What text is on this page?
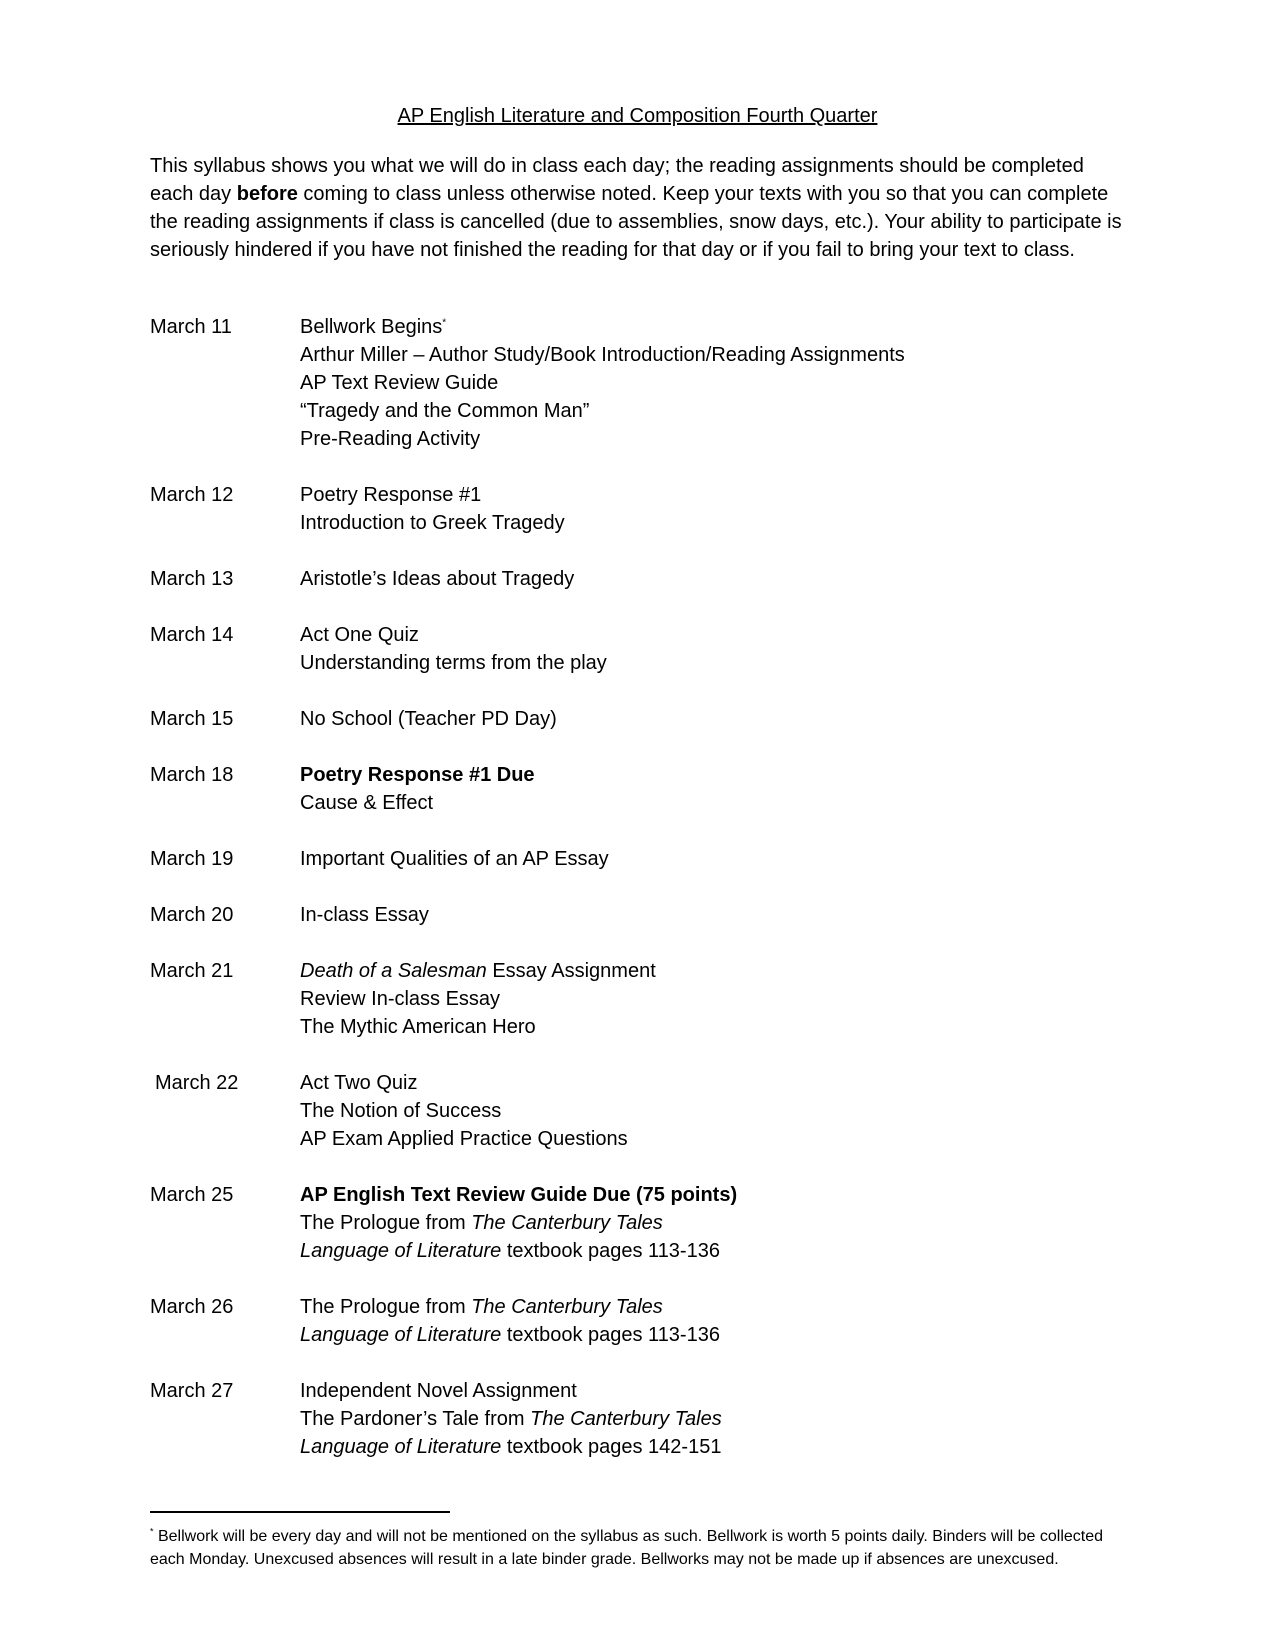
AP English Literature and Composition Fourth Quarter
This syllabus shows you what we will do in class each day; the reading assignments should be completed each day before coming to class unless otherwise noted. Keep your texts with you so that you can complete the reading assignments if class is cancelled (due to assemblies, snow days, etc.). Your ability to participate is seriously hindered if you have not finished the reading for that day or if you fail to bring your text to class.
March 11	Bellwork Begins*
Arthur Miller – Author Study/Book Introduction/Reading Assignments
AP Text Review Guide
“Tragedy and the Common Man”
Pre-Reading Activity
March 12	Poetry Response #1
Introduction to Greek Tragedy
March 13	Aristotle’s Ideas about Tragedy
March 14	Act One Quiz
Understanding terms from the play
March 15	No School (Teacher PD Day)
March 18	Poetry Response #1 Due
Cause & Effect
March 19	Important Qualities of an AP Essay
March 20	In-class Essay
March 21	Death of a Salesman Essay Assignment
Review In-class Essay
The Mythic American Hero
March 22	Act Two Quiz
The Notion of Success
AP Exam Applied Practice Questions
March 25	AP English Text Review Guide Due (75 points)
The Prologue from The Canterbury Tales
Language of Literature textbook pages 113-136
March 26	The Prologue from The Canterbury Tales
Language of Literature textbook pages 113-136
March 27	Independent Novel Assignment
The Pardoner’s Tale from The Canterbury Tales
Language of Literature textbook pages 142-151
* Bellwork will be every day and will not be mentioned on the syllabus as such. Bellwork is worth 5 points daily. Binders will be collected each Monday. Unexcused absences will result in a late binder grade. Bellworks may not be made up if absences are unexcused.
